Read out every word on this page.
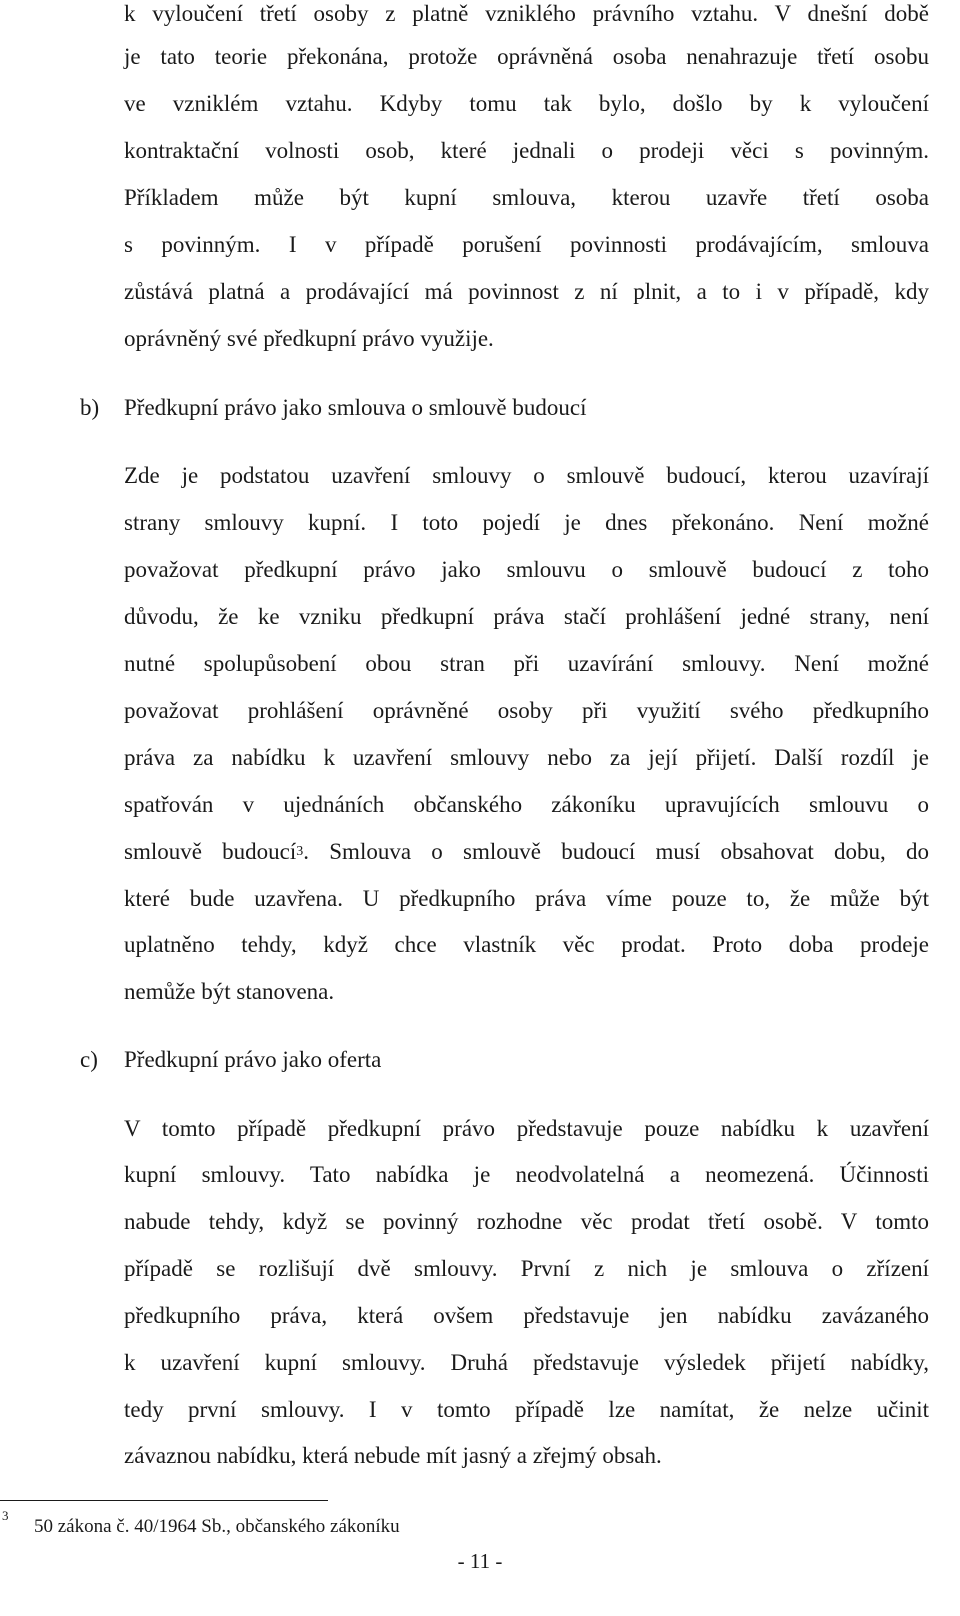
k vyloučení třetí osoby z platně vzniklého právního vztahu. V dnešní době
je tato teorie překonána, protože oprávněná osoba nenahrazuje třetí osobu
ve vzniklém vztahu. Kdyby tomu tak bylo, došlo by k vyloučení
kontraktační volnosti osob, které jednali o prodeji věci s povinným.
Příkladem může být kupní smlouva, kterou uzavře třetí osoba
s povinným. I v případě porušení povinnosti prodávajícím, smlouva
zůstává platná a prodávající má povinnost z ní plnit, a to i v případě, kdy
oprávněný své předkupní právo využije.
b) Předkupní právo jako smlouva o smlouvě budoucí
Zde je podstatou uzavření smlouvy o smlouvě budoucí, kterou uzavírají
strany smlouvy kupní. I toto pojedí je dnes překonáno. Není možné
považovat předkupní právo jako smlouvu o smlouvě budoucí z toho
důvodu, že ke vzniku předkupní práva stačí prohlášení jedné strany, není
nutné spolupůsobení obou stran při uzavírání smlouvy. Není možné
považovat prohlášení oprávněné osoby při využití svého předkupního
práva za nabídku k uzavření smlouvy nebo za její přijetí. Další rozdíl je
spatřován v ujednáních občanského zákoníku upravujících smlouvu o
smlouvě budoucí$^3$. Smlouva o smlouvě budoucí musí obsahovat dobu, do
které bude uzavřena. U předkupního práva víme pouze to, že může být
uplatněno tehdy, když chce vlastník věc prodat. Proto doba prodeje
nemůže být stanovena.
c) Předkupní právo jako oferta
V tomto případě předkupní právo představuje pouze nabídku k uzavření
kupní smlouvy. Tato nabídka je neodvolatelná a neomezená. Účinnosti
nabude tehdy, když se povinný rozhodne věc prodat třetí osobě. V tomto
případě se rozlišují dvě smlouvy. První z nich je smlouva o zřízení
předkupního práva, která ovšem představuje jen nabídku zavázaného
k uzavření kupní smlouvy. Druhá představuje výsledek přijetí nabídky,
tedy první smlouvy. I v tomto případě lze namítat, že nelze učinit
závaznou nabídku, která nebude mít jasný a zřejmý obsah.
3
50 zákona č. 40/1964 Sb., občanského zákoníku
- 11 -
